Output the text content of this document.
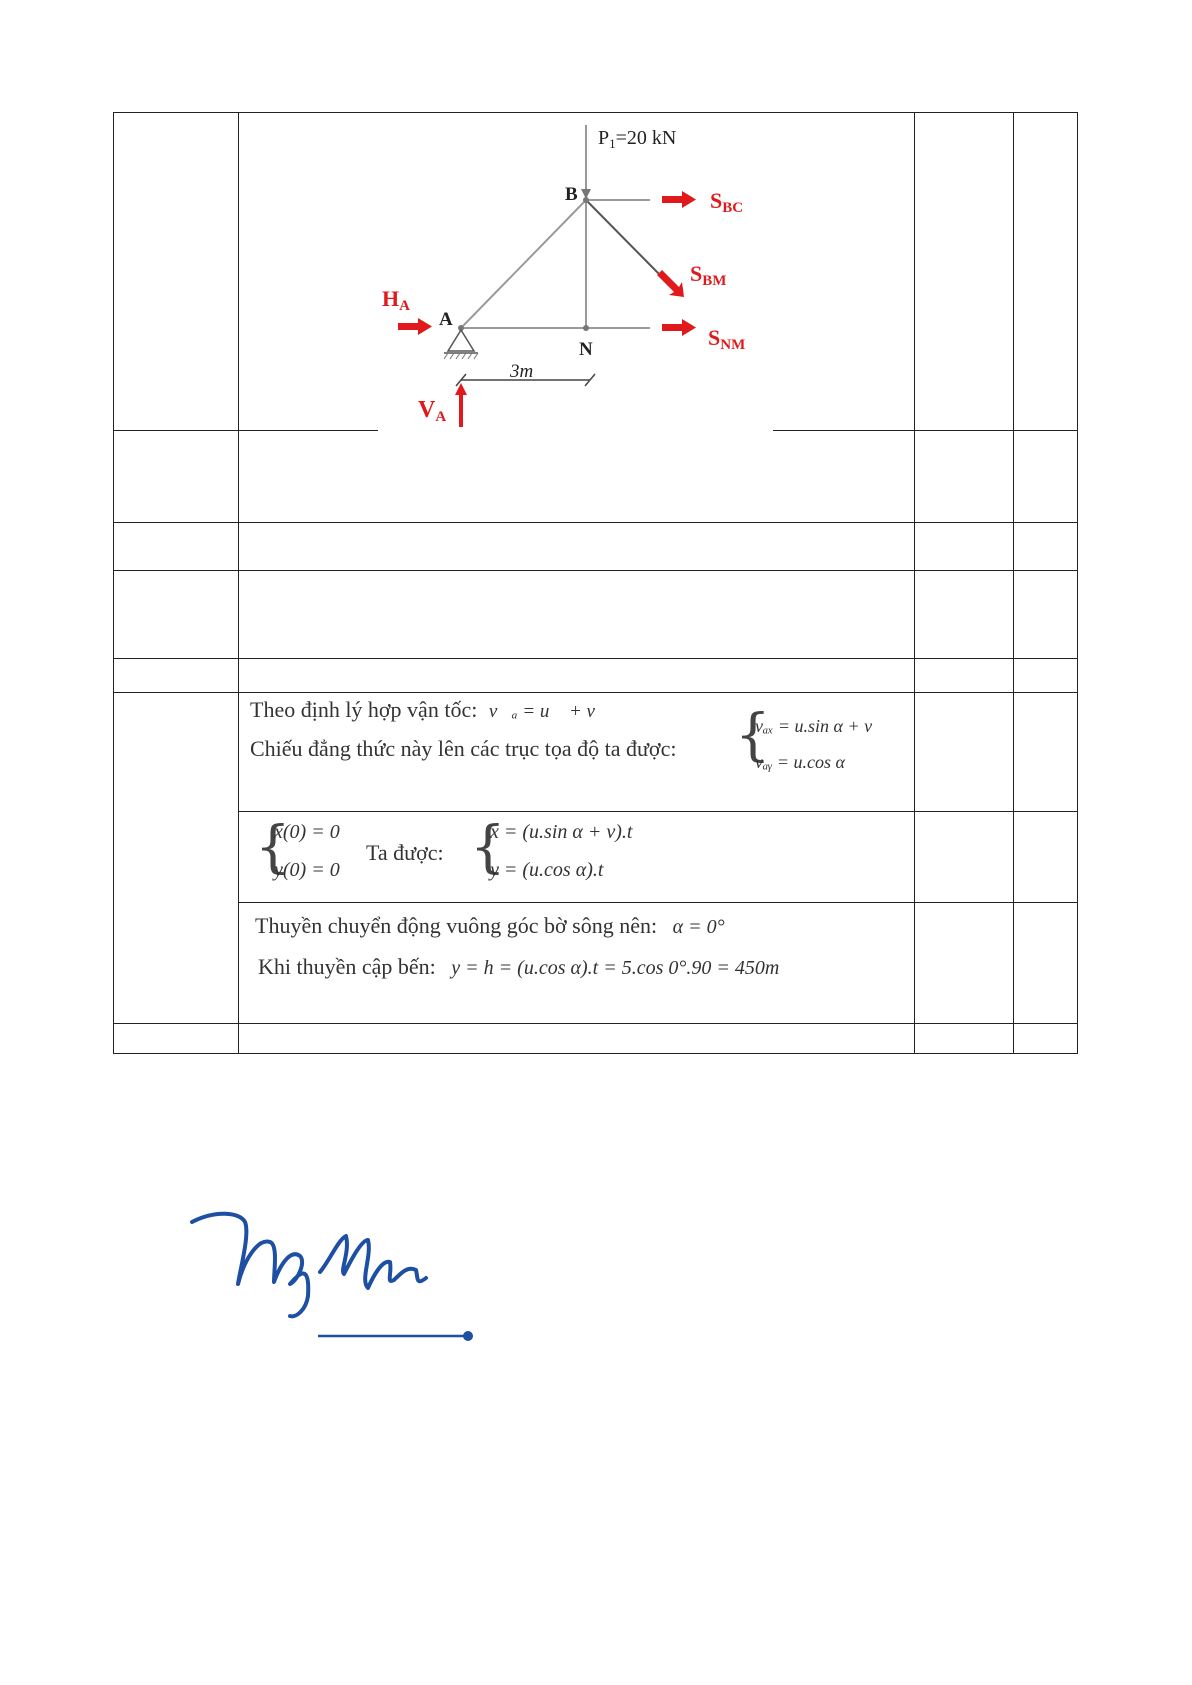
3m
B
A
N
$P_1=20$ kN
SBC
SBM
SNM
HA
VA
Theo định lý hợp vận tốc: v⃗ₐ = u⃗ + v⃗
Chiếu đẳng thức này lên các trục tọa độ ta được: {
vₐₓ = u.sin α + v
vₐᵧ = u.cos α
{
x(0) = 0
y(0) = 0
Ta được: {
x = (u.sin α + v).t
y = (u.cos α).t
Thuyền chuyển động vuông góc bờ sông nên: α = 0°
Khi thuyền cập bến: y = h = (u.cos α).t = 5.cos 0°.90 = 450m
